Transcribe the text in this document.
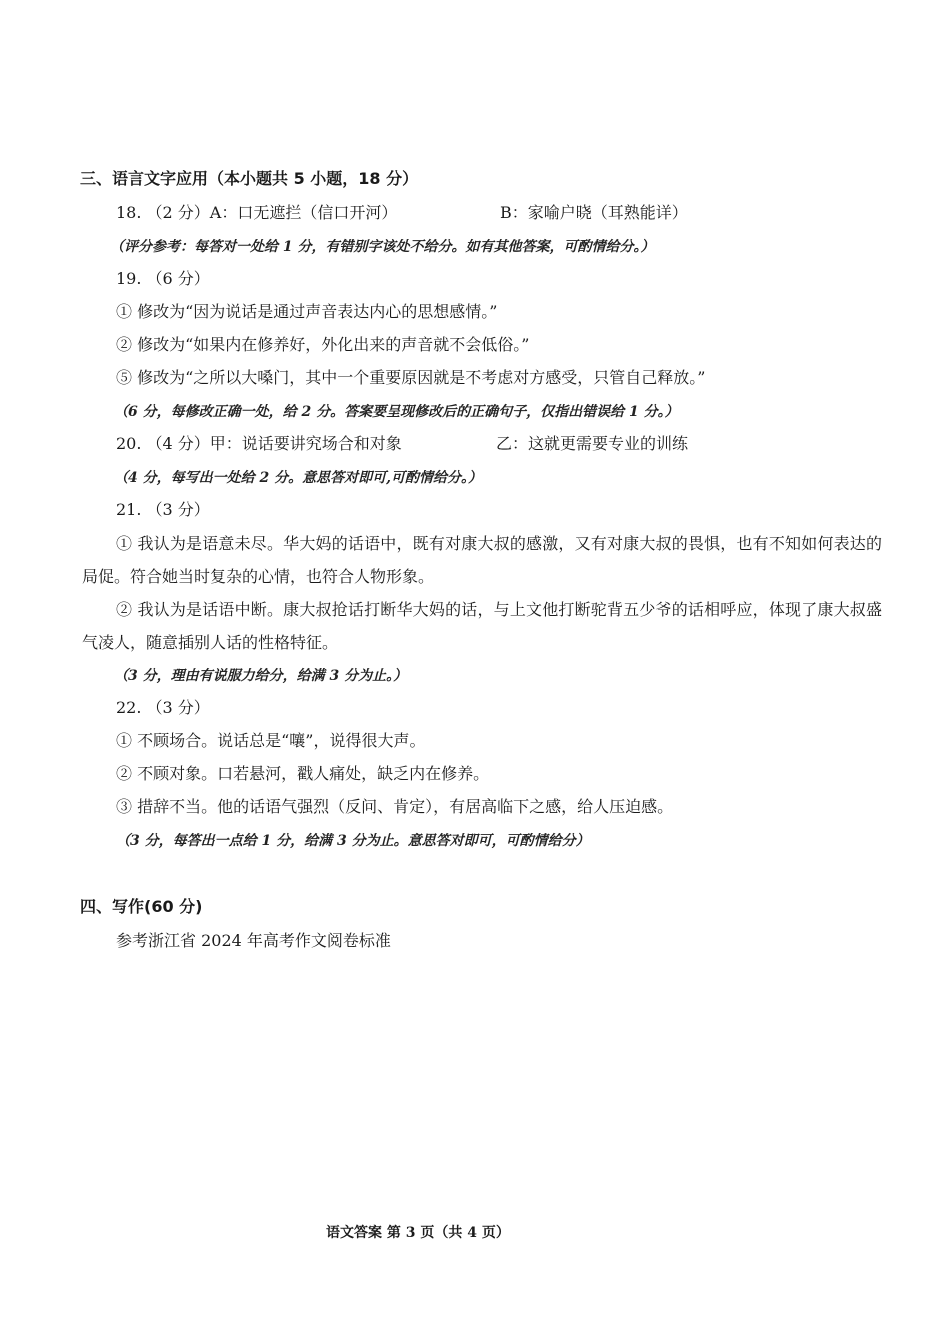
三、语言文字应用（本小题共 5 小题，18 分）
18. （2 分）A：口无遮拦（信口开河）	B：家喻户晓（耳熟能详）
（评分参考：每答对一处给 1 分，有错别字该处不给分。如有其他答案，可酌情给分。）
19. （6 分）
① 修改为“因为说话是通过声音表达内心的思想感情。”
② 修改为“如果内在修养好，外化出来的声音就不会低俗。”
⑤ 修改为“之所以大嗓门，其中一个重要原因就是不考虑对方感受，只管自己释放。”
（6 分，每修改正确一处，给 2 分。答案要呈现修改后的正确句子，仅指出错误给 1 分。）
20. （4 分）甲：说话要讲究场合和对象	乙：这就更需要专业的训练
（4 分，每写出一处给 2 分。意思答对即可,可酌情给分。）
21. （3 分）
① 我认为是语意未尽。华大妈的话语中，既有对康大叔的感激，又有对康大叔的畏惧，也有不知如何表达的局促。符合她当时复杂的心情，也符合人物形象。
② 我认为是话语中断。康大叔抢话打断华大妈的话，与上文他打断驼背五少爷的话相呼应，体现了康大叔盛气凌人，随意插别人话的性格特征。
（3 分，理由有说服力给分，给满 3 分为止。）
22. （3 分）
① 不顾场合。说话总是“嚷”，说得很大声。
② 不顾对象。口若悬河，戳人痛处，缺乏内在修养。
③ 措辞不当。他的话语气强烈（反问、肯定），有居高临下之感，给人压迫感。
（3 分，每答出一点给 1 分，给满 3 分为止。意思答对即可，可酌情给分）
四、写作(60 分)
参考浙江省 2024 年高考作文阅卷标准
语文答案 第 3 页（共 4 页）
